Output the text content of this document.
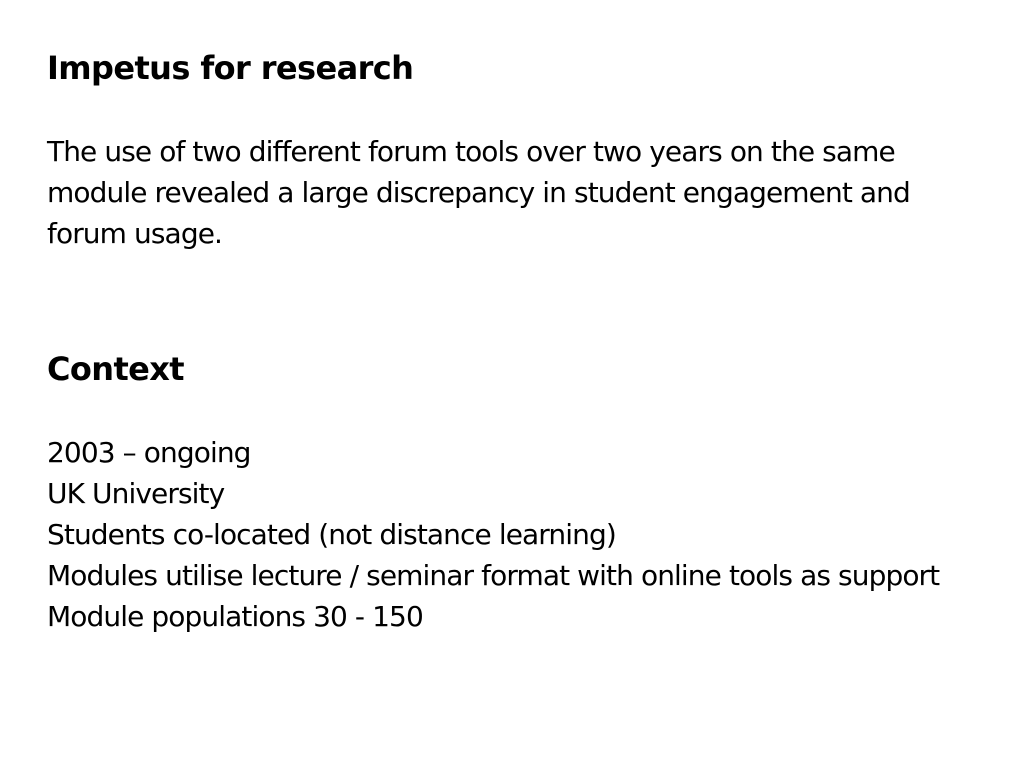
Impetus for research

The use of two different forum tools over two years on the same module revealed a large discrepancy in student engagement and forum usage.

Context
2003 – ongoing
UK University
Students co-located (not distance learning)
Modules utilise lecture / seminar format with online tools as support
Module populations 30 - 150
